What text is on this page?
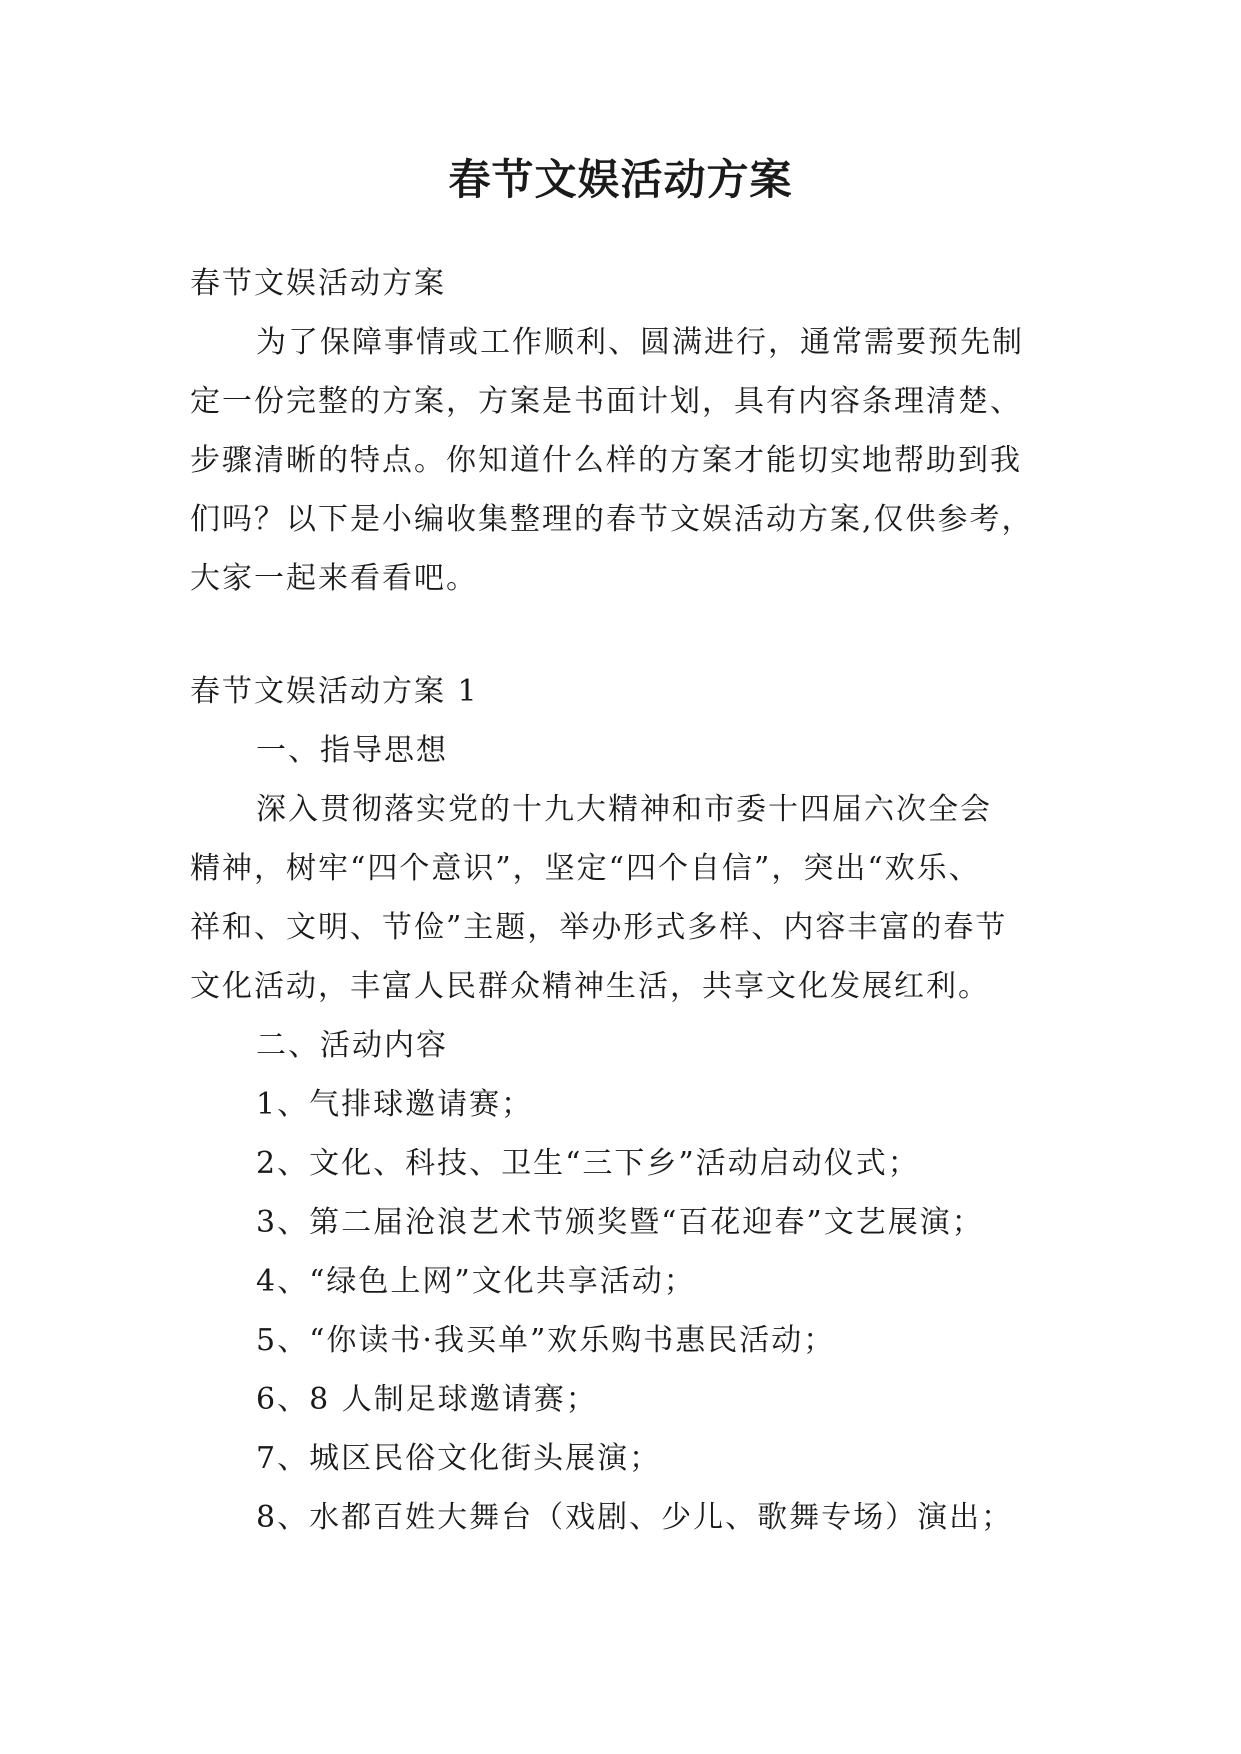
春节文娱活动方案

春节文娱活动方案

为了保障事情或工作顺利、圆满进行，通常需要预先制

定一份完整的方案，方案是书面计划，具有内容条理清楚、

步骤清晰的特点。你知道什么样的方案才能切实地帮助到我

们吗？以下是小编收集整理的春节文娱活动方案,仅供参考，

大家一起来看看吧。

春节文娱活动方案 1

一、指导思想

深入贯彻落实党的十九大精神和市委十四届六次全会

精神，树牢“四个意识”，坚定“四个自信”，突出“欢乐、

祥和、文明、节俭”主题，举办形式多样、内容丰富的春节

文化活动，丰富人民群众精神生活，共享文化发展红利。

二、活动内容

1、气排球邀请赛；

2、文化、科技、卫生“三下乡”活动启动仪式；

3、第二届沧浪艺术节颁奖暨“百花迎春”文艺展演；

4、“绿色上网”文化共享活动；

5、“你读书·我买单”欢乐购书惠民活动；

6、8 人制足球邀请赛；

7、城区民俗文化街头展演；

8、水都百姓大舞台（戏剧、少儿、歌舞专场）演出；
